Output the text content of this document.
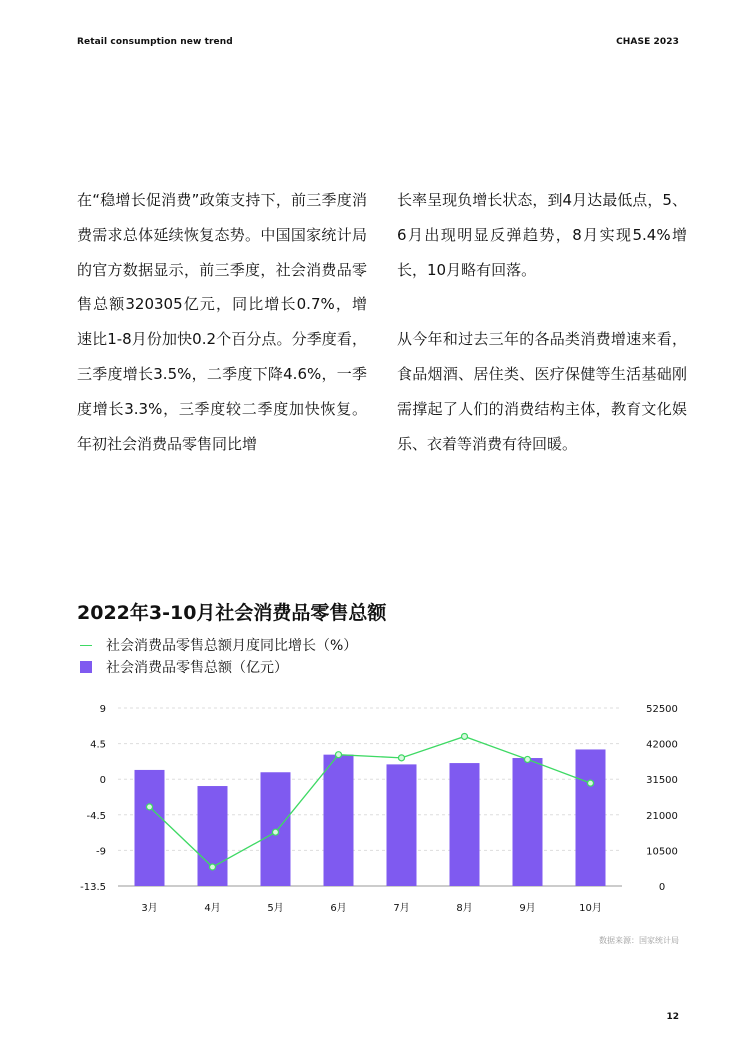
Retail consumption new trend	CHASE 2023

在“稳增长促消费”政策支持下，前三季度消费需求总体延续恢复态势。中国国家统计局的官方数据显示，前三季度，社会消费品零售总额320305亿元，同比增长0.7%，增速比1-8月份加快0.2个百分点。分季度看，三季度增长3.5%，二季度下降4.6%，一季度增长3.3%，三季度较二季度加快恢复。年初社会消费品零售同比增

长率呈现负增长状态，到4月达最低点，5、6月出现明显反弹趋势，8月实现5.4%增长，10月略有回落。

从今年和过去三年的各品类消费增速来看，食品烟酒、居住类、医疗保健等生活基础刚需撑起了人们的消费结构主体，教育文化娱乐、衣着等消费有待回暖。

2022年3-10月社会消费品零售总额
社会消费品零售总额月度同比增长（%）
社会消费品零售总额（亿元）
9	52500
4.5	42000
0	31500
-4.5	21000
-9	10500
-13.5	0
3月	4月	5月	6月	7月	8月	9月	10月
数据来源：国家统计局
12
